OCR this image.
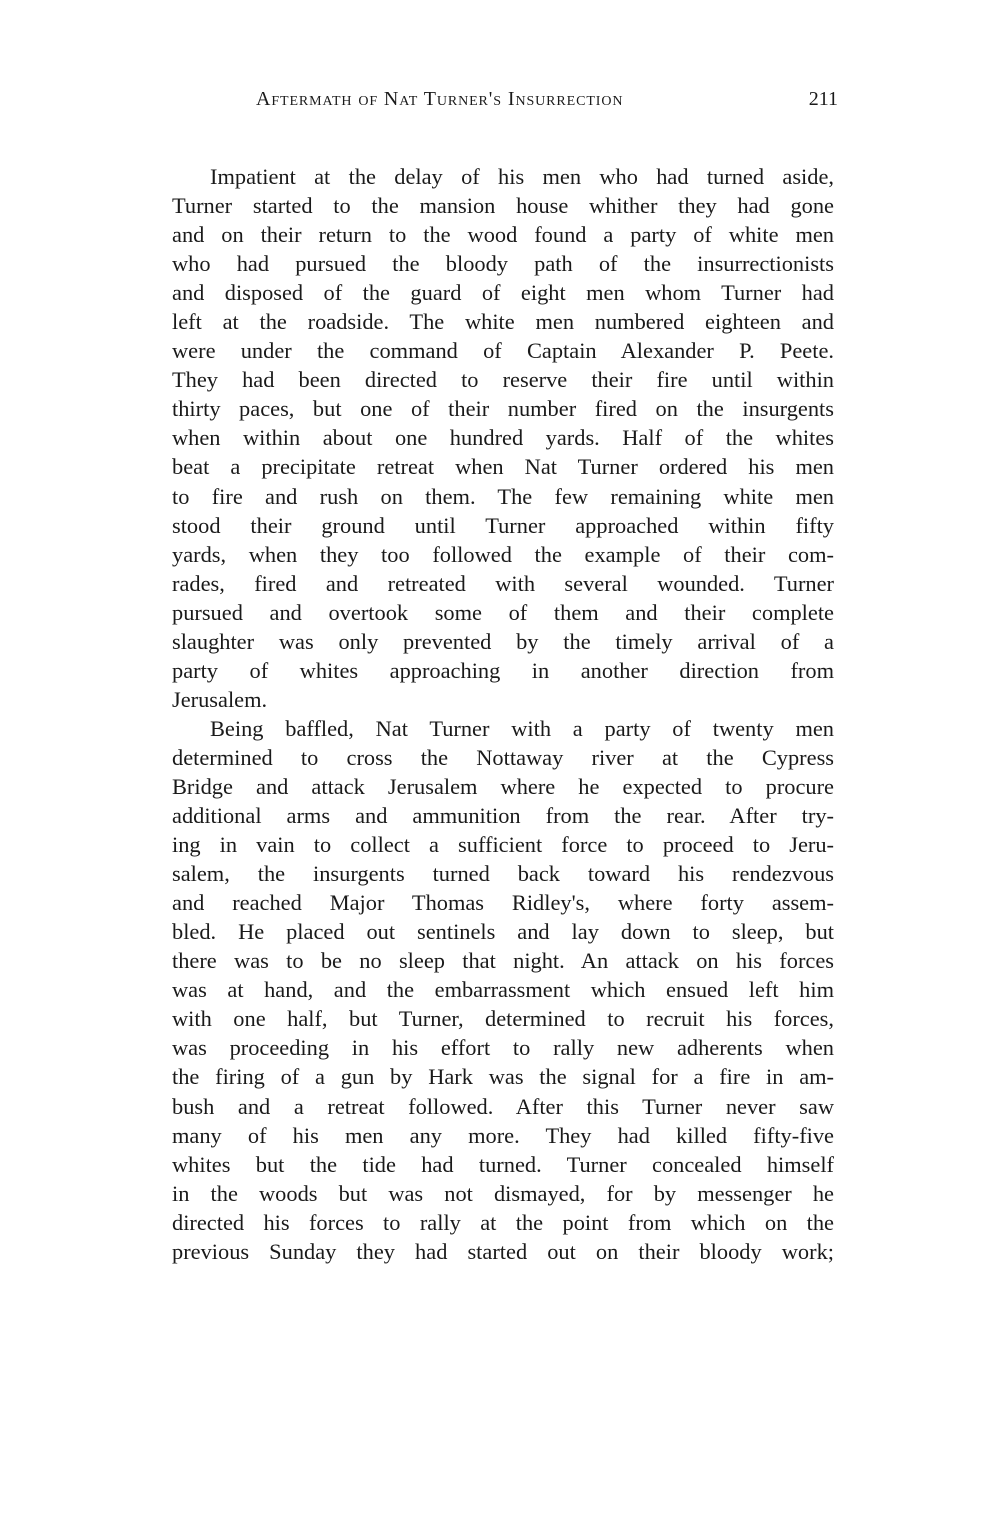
Aftermath of Nat Turner's Insurrection	211
Impatient at the delay of his men who had turned aside,
Turner started to the mansion house whither they had gone
and on their return to the wood found a party of white men
who had pursued the bloody path of the insurrectionists
and disposed of the guard of eight men whom Turner had
left at the roadside. The white men numbered eighteen and
were under the command of Captain Alexander P. Peete.
They had been directed to reserve their fire until within
thirty paces, but one of their number fired on the insurgents
when within about one hundred yards. Half of the whites
beat a precipitate retreat when Nat Turner ordered his men
to fire and rush on them. The few remaining white men
stood their ground until Turner approached within fifty
yards, when they too followed the example of their com-
rades, fired and retreated with several wounded. Turner
pursued and overtook some of them and their complete
slaughter was only prevented by the timely arrival of a
party of whites approaching in another direction from
Jerusalem.
Being baffled, Nat Turner with a party of twenty men
determined to cross the Nottaway river at the Cypress
Bridge and attack Jerusalem where he expected to procure
additional arms and ammunition from the rear. After try-
ing in vain to collect a sufficient force to proceed to Jeru-
salem, the insurgents turned back toward his rendezvous
and reached Major Thomas Ridley's, where forty assem-
bled. He placed out sentinels and lay down to sleep, but
there was to be no sleep that night. An attack on his forces
was at hand, and the embarrassment which ensued left him
with one half, but Turner, determined to recruit his forces,
was proceeding in his effort to rally new adherents when
the firing of a gun by Hark was the signal for a fire in am-
bush and a retreat followed. After this Turner never saw
many of his men any more. They had killed fifty-five
whites but the tide had turned. Turner concealed himself
in the woods but was not dismayed, for by messenger he
directed his forces to rally at the point from which on the
previous Sunday they had started out on their bloody work;
